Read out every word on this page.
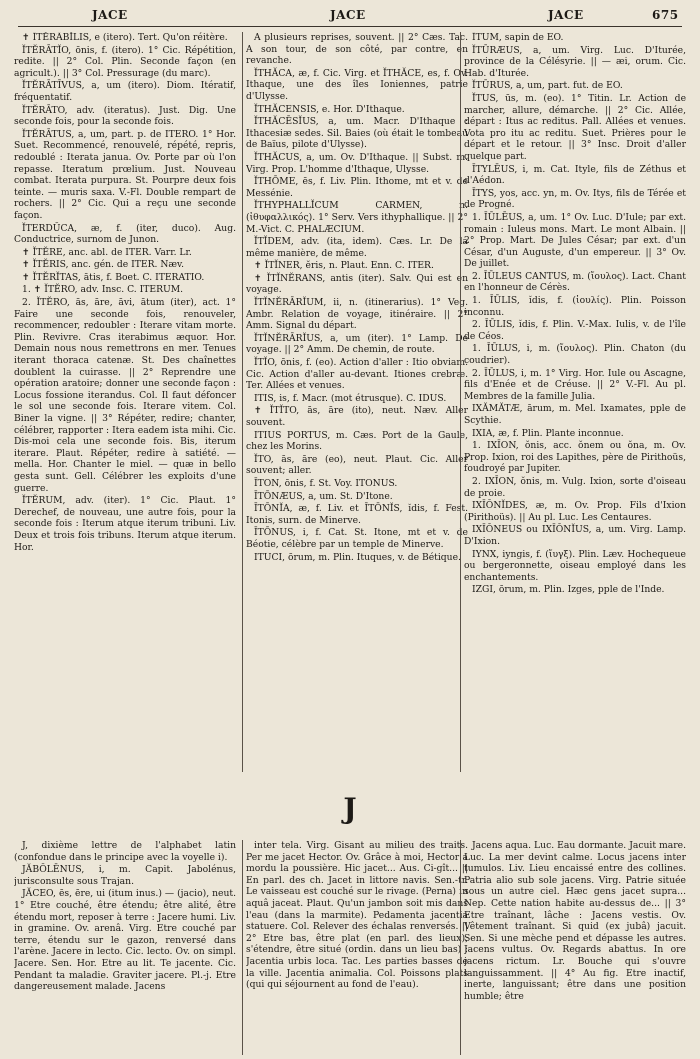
JACE	JACE	JACE	675

✝ ĪTĔRĀBĬLIS, e (itero). Tert. Qu'on réitère.

ĬTĔRĀTĬO, ōnis, f. (itero). 1° Cic. Répétition, redite. || 2° Col. Plin. Seconde façon (en agricult.). || 3° Col. Pressurage (du marc).

ĬTĔRĀTĪVUS, a, um (itero). Diom. Itératif, fréquentatif.

ĬTĔRĀTO, adv. (iteratus). Just. Dig. Une seconde fois, pour la seconde fois.

ĬTĔRĀTUS, a, um, part. p. de ITERO. 1° Hor. Suet. Recommencé, renouvelé, répété, repris, redoublé : Iterata janua. Ov. Porte par où l'on repasse. Iteratum prœlium. Just. Nouveau combat. Iterata purpura. St. Pourpre deux fois teinte. — muris saxa. V.-Fl. Double rempart de rochers. || 2° Cic. Qui a reçu une seconde façon.

ĬTERDŬCA, æ, f. (iter, duco). Aug. Conductrice, surnom de Junon.

✝ ĬTĔRE, anc. abl. de ITER. Varr. Lr.

✝ ĬTĔRIS, anc. gén. de ITER. Næv.

✝ ĬTĔRĬTAS, ātis, f. Boet. C. ITERATIO.

1. ✝ ĬTĔRO, adv. Insc. C. ITERUM.

2. ĬTĔRO, ās, āre, āvi, ātum (iter), act. 1° Faire une seconde fois, renouveler, recommencer, redoubler : Iterare vitam morte. Plin. Revivre. Cras iterabimus æquor. Hor. Demain nous nous remettrons en mer. Tenues iterant thoraca catenæ. St. Des chaînettes doublent la cuirasse. || 2° Reprendre une opération aratoire; donner une seconde façon : Locus fossione iterandus. Col. Il faut défoncer le sol une seconde fois. Iterare vitem. Col. Biner la vigne. || 3° Répéter, redire; chanter, célébrer, rapporter : Itera eadem ista mihi. Cic. Dis-moi cela une seconde fois. Bis, iterum iterare. Plaut. Répéter, redire à satiété. — mella. Hor. Chanter le miel. — quæ in bello gesta sunt. Gell. Célébrer les exploits d'une guerre.

ĬTĔRUM, adv. (iter). 1° Cic. Plaut. 1° Derechef, de nouveau, une autre fois, pour la seconde fois : Iterum atque iterum tribuni. Liv. Deux et trois fois tribuns. Iterum atque iterum. Hor.

A plusieurs reprises, souvent. || 2° Cæs. Tac. A son tour, de son côté, par contre, en revanche.

ĬTHĂCA, æ, f. Cic. Virg. et ĬTHĂCE, es, f. Ov. Ithaque, une des îles Ioniennes, patrie d'Ulysse.

ĬTHĂCENSIS, e. Hor. D'Ithaque.

ĬTHĂCĒSĬUS, a, um. Macr. D'Ithaque : Ithacesiæ sedes. Sil. Baies (où était le tombeau de Baïus, pilote d'Ulysse).

ĬTHĂCUS, a, um. Ov. D'Ithaque. || Subst. m. Virg. Prop. L'homme d'Ithaque, Ulysse.

ĬTHŌME, ēs, f. Liv. Plin. Ithome, mt et v. de Messénie.

ĬTHYPHALLĬCUM CARMEN, n. (ἰθυφαλλικός). 1° Serv. Vers ithyphallique. || 2° M.-Vict. C. PHALÆCIUM.

ĬTĬDEM, adv. (ita, idem). Cæs. Lr. De la même manière, de même.

✝ ĬTĬNER, ĕris, n. Plaut. Enn. C. ITER.

✝ ĬTĬNĔRANS, antis (iter). Salv. Qui est en voyage.

ĬTĬNĔRĀRĬUM, ii, n. (itinerarius). 1° Veg. Ambr. Relation de voyage, itinéraire. || 2° Amm. Signal du départ.

ĬTĬNĔRĀRĬUS, a, um (iter). 1° Lamp. De voyage. || 2° Amm. De chemin, de route.

ĬTĬO, ōnis, f. (eo). Action d'aller : Itio obviam. Cic. Action d'aller au-devant. Itiones crebræ. Ter. Allées et venues.

ITIS, is, f. Macr. (mot étrusque). C. IDUS.

✝ ĬTĬTO, ās, āre (ito), neut. Næv. Aller souvent.

ITIUS PORTUS, m. Cæs. Port de la Gaule, chez les Morins.

ĬTO, ās, āre (eo), neut. Plaut. Cic. Aller souvent; aller.

ĪTON, ōnis, f. St. Voy. ITONUS.

ĪTŌNÆUS, a, um. St. D'Itone.

ĪTŌNĬA, æ, f. Liv. et ĪTŌNĬS, ĭdis, f. Fest. Itonis, surn. de Minerve.

ĪTŌNUS, i, f. Cat. St. Itone, mt et v. de Béotie, célèbre par un temple de Minerve.

ITUCI, ōrum, m. Plin. Ituques, v. de Bétique.

ĪTUM, sapin de EO.

ĬTŪRÆUS, a, um. Virg. Luc. D'Iturée, province de la Célésyrie. || — æi, orum. Cic. Hab. d'Iturée.

ĬTŪRUS, a, um, part. fut. de EO.

ĬTUS, ūs, m. (eo). 1° Titin. Lr. Action de marcher, allure, démarche. || 2° Cic. Allée, départ : Itus ac reditus. Pall. Allées et venues. Vota pro itu ac reditu. Suet. Prières pour le départ et le retour. || 3° Insc. Droit d'aller quelque part.

ĪTYLĒUS, i, m. Cat. Ityle, fils de Zéthus et d'Aédon.

ĪTYS, yos, acc. yn, m. Ov. Itys, fils de Térée et de Progné.

1. ĪŪLĒUS, a, um. 1° Ov. Luc. D'Iule; par ext. romain : Iuleus mons. Mart. Le mont Albain. || 2° Prop. Mart. De Jules César; par ext. d'un César, d'un Auguste, d'un empereur. || 3° Ov. De juillet.

2. ĪŪLEUS CANTUS, m. (ἴουλος). Lact. Chant en l'honneur de Cérès.

1. ĪŪLIS, ĭdis, f. (ἰουλίς). Plin. Poisson inconnu.

2. ĪŪLIS, ĭdis, f. Plin. V.-Max. Iulis, v. de l'île de Céos.

1. ĪŪLUS, i, m. (ἴουλος). Plin. Chaton (du coudrier).

2. ĪŪLUS, i, m. 1° Virg. Hor. Iule ou Ascagne, fils d'Enée et de Créuse. || 2° V.-Fl. Au pl. Membres de la famille Julia.

IXĂMĂTÆ, ārum, m. Mel. Ixamates, pple de Scythie.

IXIA, æ, f. Plin. Plante inconnue.

1. IXĪON, ŏnis, acc. ŏnem ou ŏna, m. Ov. Prop. Ixion, roi des Lapithes, père de Pirithoüs, foudroyé par Jupiter.

2. IXĪON, ŏnis, m. Vulg. Ixion, sorte d'oiseau de proie.

IXĪŎNĬDES, æ, m. Ov. Prop. Fils d'Ixion (Pirithoüs). || Au pl. Luc. Les Centaures.

IXĪŎNEUS ou IXĪŎNĬUS, a, um. Virg. Lamp. D'Ixion.

IYNX, iyngis, f. (ἴυγξ). Plin. Læv. Hochequeue ou bergeronnette, oiseau employé dans les enchantements.

IZGI, ōrum, m. Plin. Izges, pple de l'Inde.

J

J, dixième lettre de l'alphabet latin (confondue dans le principe avec la voyelle i).

JĂBŎLĒNUS, i, m. Capit. Jabolénus, jurisconsulte sous Trajan.

JĂCEO, ēs, ēre, ui (itum inus.) — (jacio), neut. 1° Etre couché, être étendu; être alité, être étendu mort, reposer à terre : Jacere humi. Liv. in gramine. Ov. arenâ. Virg. Etre couché par terre, étendu sur le gazon, renversé dans l'arène. Jacere in lecto. Cic. lecto. Ov. on simpl. Jacere. Sen. Hor. Etre au lit. Te jacente. Cic. Pendant ta maladie. Graviter jacere. Pl.-j. Etre dangereusement malade. Jacens

inter tela. Virg. Gisant au milieu des traits. Per me jacet Hector. Ov. Grâce à moi, Hector a mordu la poussière. Hic jacet... Aus. Ci-gît... || En parl. des ch. Jacet in littore navis. Sen.-tr. Le vaisseau est couché sur le rivage. (Perna) in aquâ jaceat. Plaut. Qu'un jambon soit mis dans l'eau (dans la marmite). Pedamenta jacentia statuere. Col. Relever des échalas renversés. || 2° Etre bas, être plat (en parl. des lieux), s'étendre, être situé (ordin. dans un lieu bas) : Jacentia urbis loca. Tac. Les parties basses de la ville. Jacentia animalia. Col. Poissons plats (qui qui séjournent au fond de l'eau).

Jacens aqua. Luc. Eau dormante. Jacuit mare. Luc. La mer devint calme. Locus jacens inter tumulos. Liv. Lieu encaissé entre des collines. Patria alio sub sole jacens. Virg. Patrie située sous un autre ciel. Hæc gens jacet supra... Nep. Cette nation habite au-dessus de... || 3° Etre traînant, lâche : Jacens vestis. Ov. Vêtement traînant. Si quid (ex jubâ) jacuit. Sen. Si une mèche pend et dépasse les autres. Jacens vultus. Ov. Regards abattus. In ore jacens rictum. Lr. Bouche qui s'ouvre languissamment. || 4° Au fig. Etre inactif, inerte, languissant; être dans une position humble; être
